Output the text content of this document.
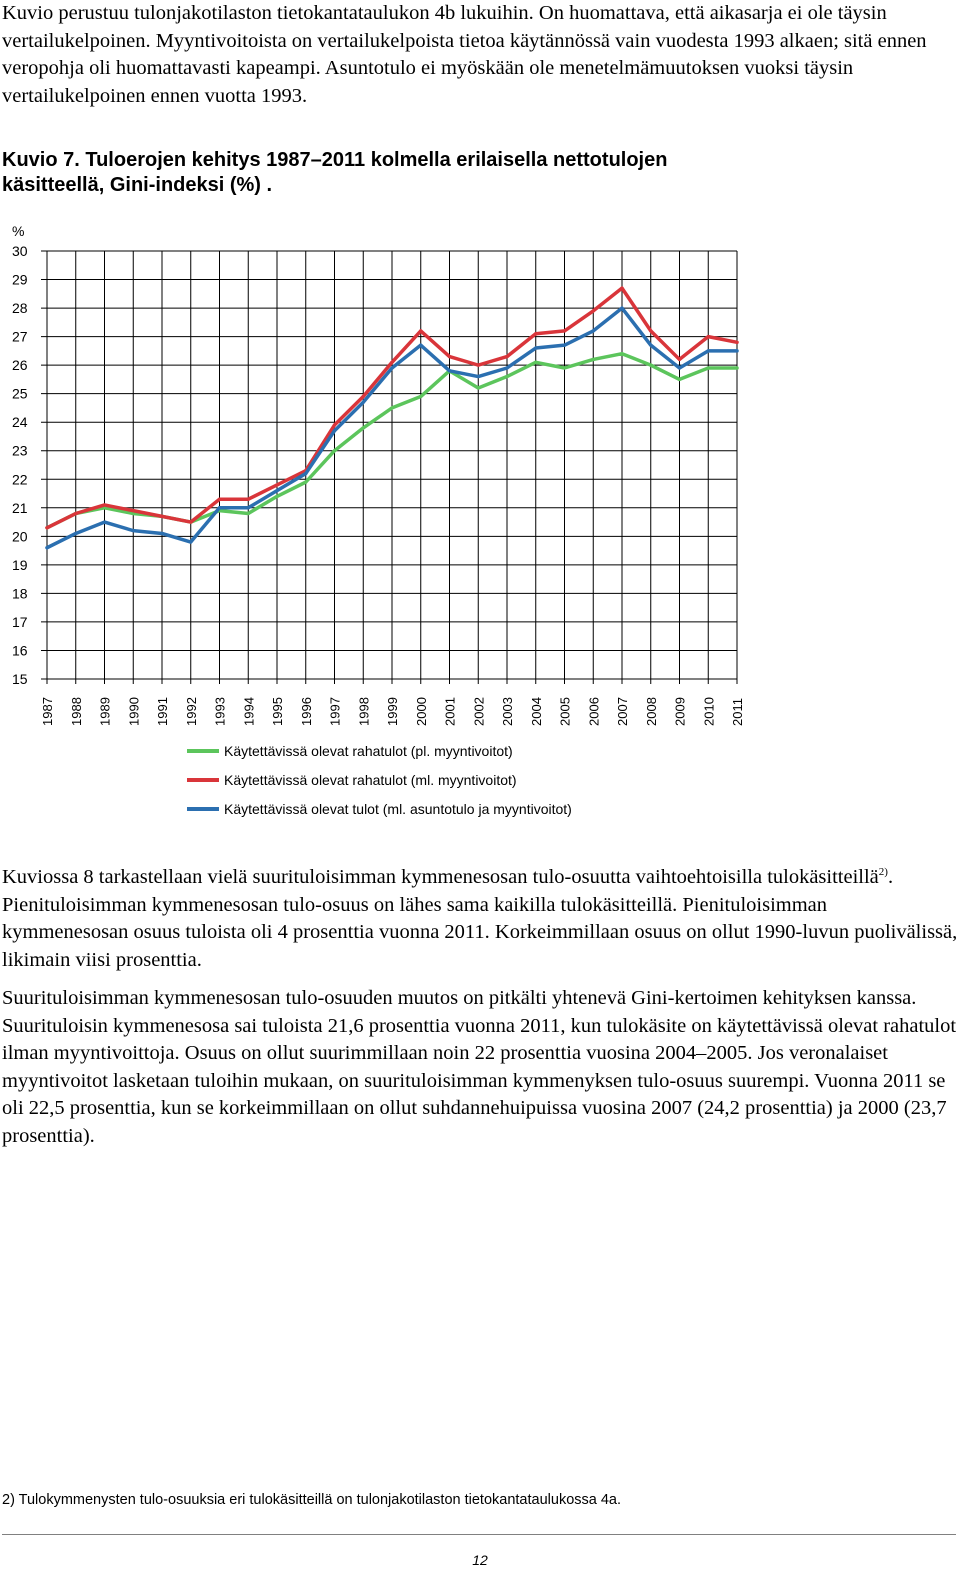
Kuvio perustuu tulonjakotilaston tietokantataulukon 4b lukuihin. On huomattava, että aikasarja ei ole täysin vertailukelpoinen. Myyntivoitoista on vertailukelpoista tietoa käytännössä vain vuodesta 1993 alkaen; sitä ennen veropohja oli huomattavasti kapeampi. Asuntotulo ei myöskään ole menetelmämuutoksen vuoksi täysin vertailukelpoinen ennen vuotta 1993.

Kuvio 7. Tuloerojen kehitys 1987–2011 kolmella erilaisella nettotulojen käsitteellä, Gini-indeksi (%) .

30
29
28
27
26
25
24
23
22
21
20
19
18
17
16
15
1987 1988 1989 1990 1991 1992 1993 1994 1995 1996 1997 1998 1999 2000 2001 2002 2003 2004 2005 2006 2007 2008 2009 2010 2011
Käytettävissä olevat rahatulot (pl. myyntivoitot)
Käytettävissä olevat rahatulot (ml. myyntivoitot)
Käytettävissä olevat tulot (ml. asuntotulo ja myyntivoitot)
%

Kuviossa 8 tarkastellaan vielä suurituloisimman kymmenesosan tulo-osuutta vaihtoehtoisilla tulokäsitteillä$^{2)}$. Pienituloisimman kymmenesosan tulo-osuus on lähes sama kaikilla tulokäsitteillä. Pienituloisimman kymmenesosan osuus tuloista oli 4 prosenttia vuonna 2011. Korkeimmillaan osuus on ollut 1990-luvun puolivälissä, likimain viisi prosenttia.

Suurituloisimman kymmenesosan tulo-osuuden muutos on pitkälti yhtenevä Gini-kertoimen kehityksen kanssa. Suurituloisin kymmenesosa sai tuloista 21,6 prosenttia vuonna 2011, kun tulokäsite on käytettävissä olevat rahatulot ilman myyntivoittoja. Osuus on ollut suurimmillaan noin 22 prosenttia vuosina 2004–2005. Jos veronalaiset myyntivoitot lasketaan tuloihin mukaan, on suurituloisimman kymmenyksen tulo-osuus suurempi. Vuonna 2011 se oli 22,5 prosenttia, kun se korkeimmillaan on ollut suhdannehuipuissa vuosina 2007 (24,2 prosenttia) ja 2000 (23,7 prosenttia).

2) Tulokymmenysten tulo-osuuksia eri tulokäsitteillä on tulonjakotilaston tietokantataulukossa 4a.

12
